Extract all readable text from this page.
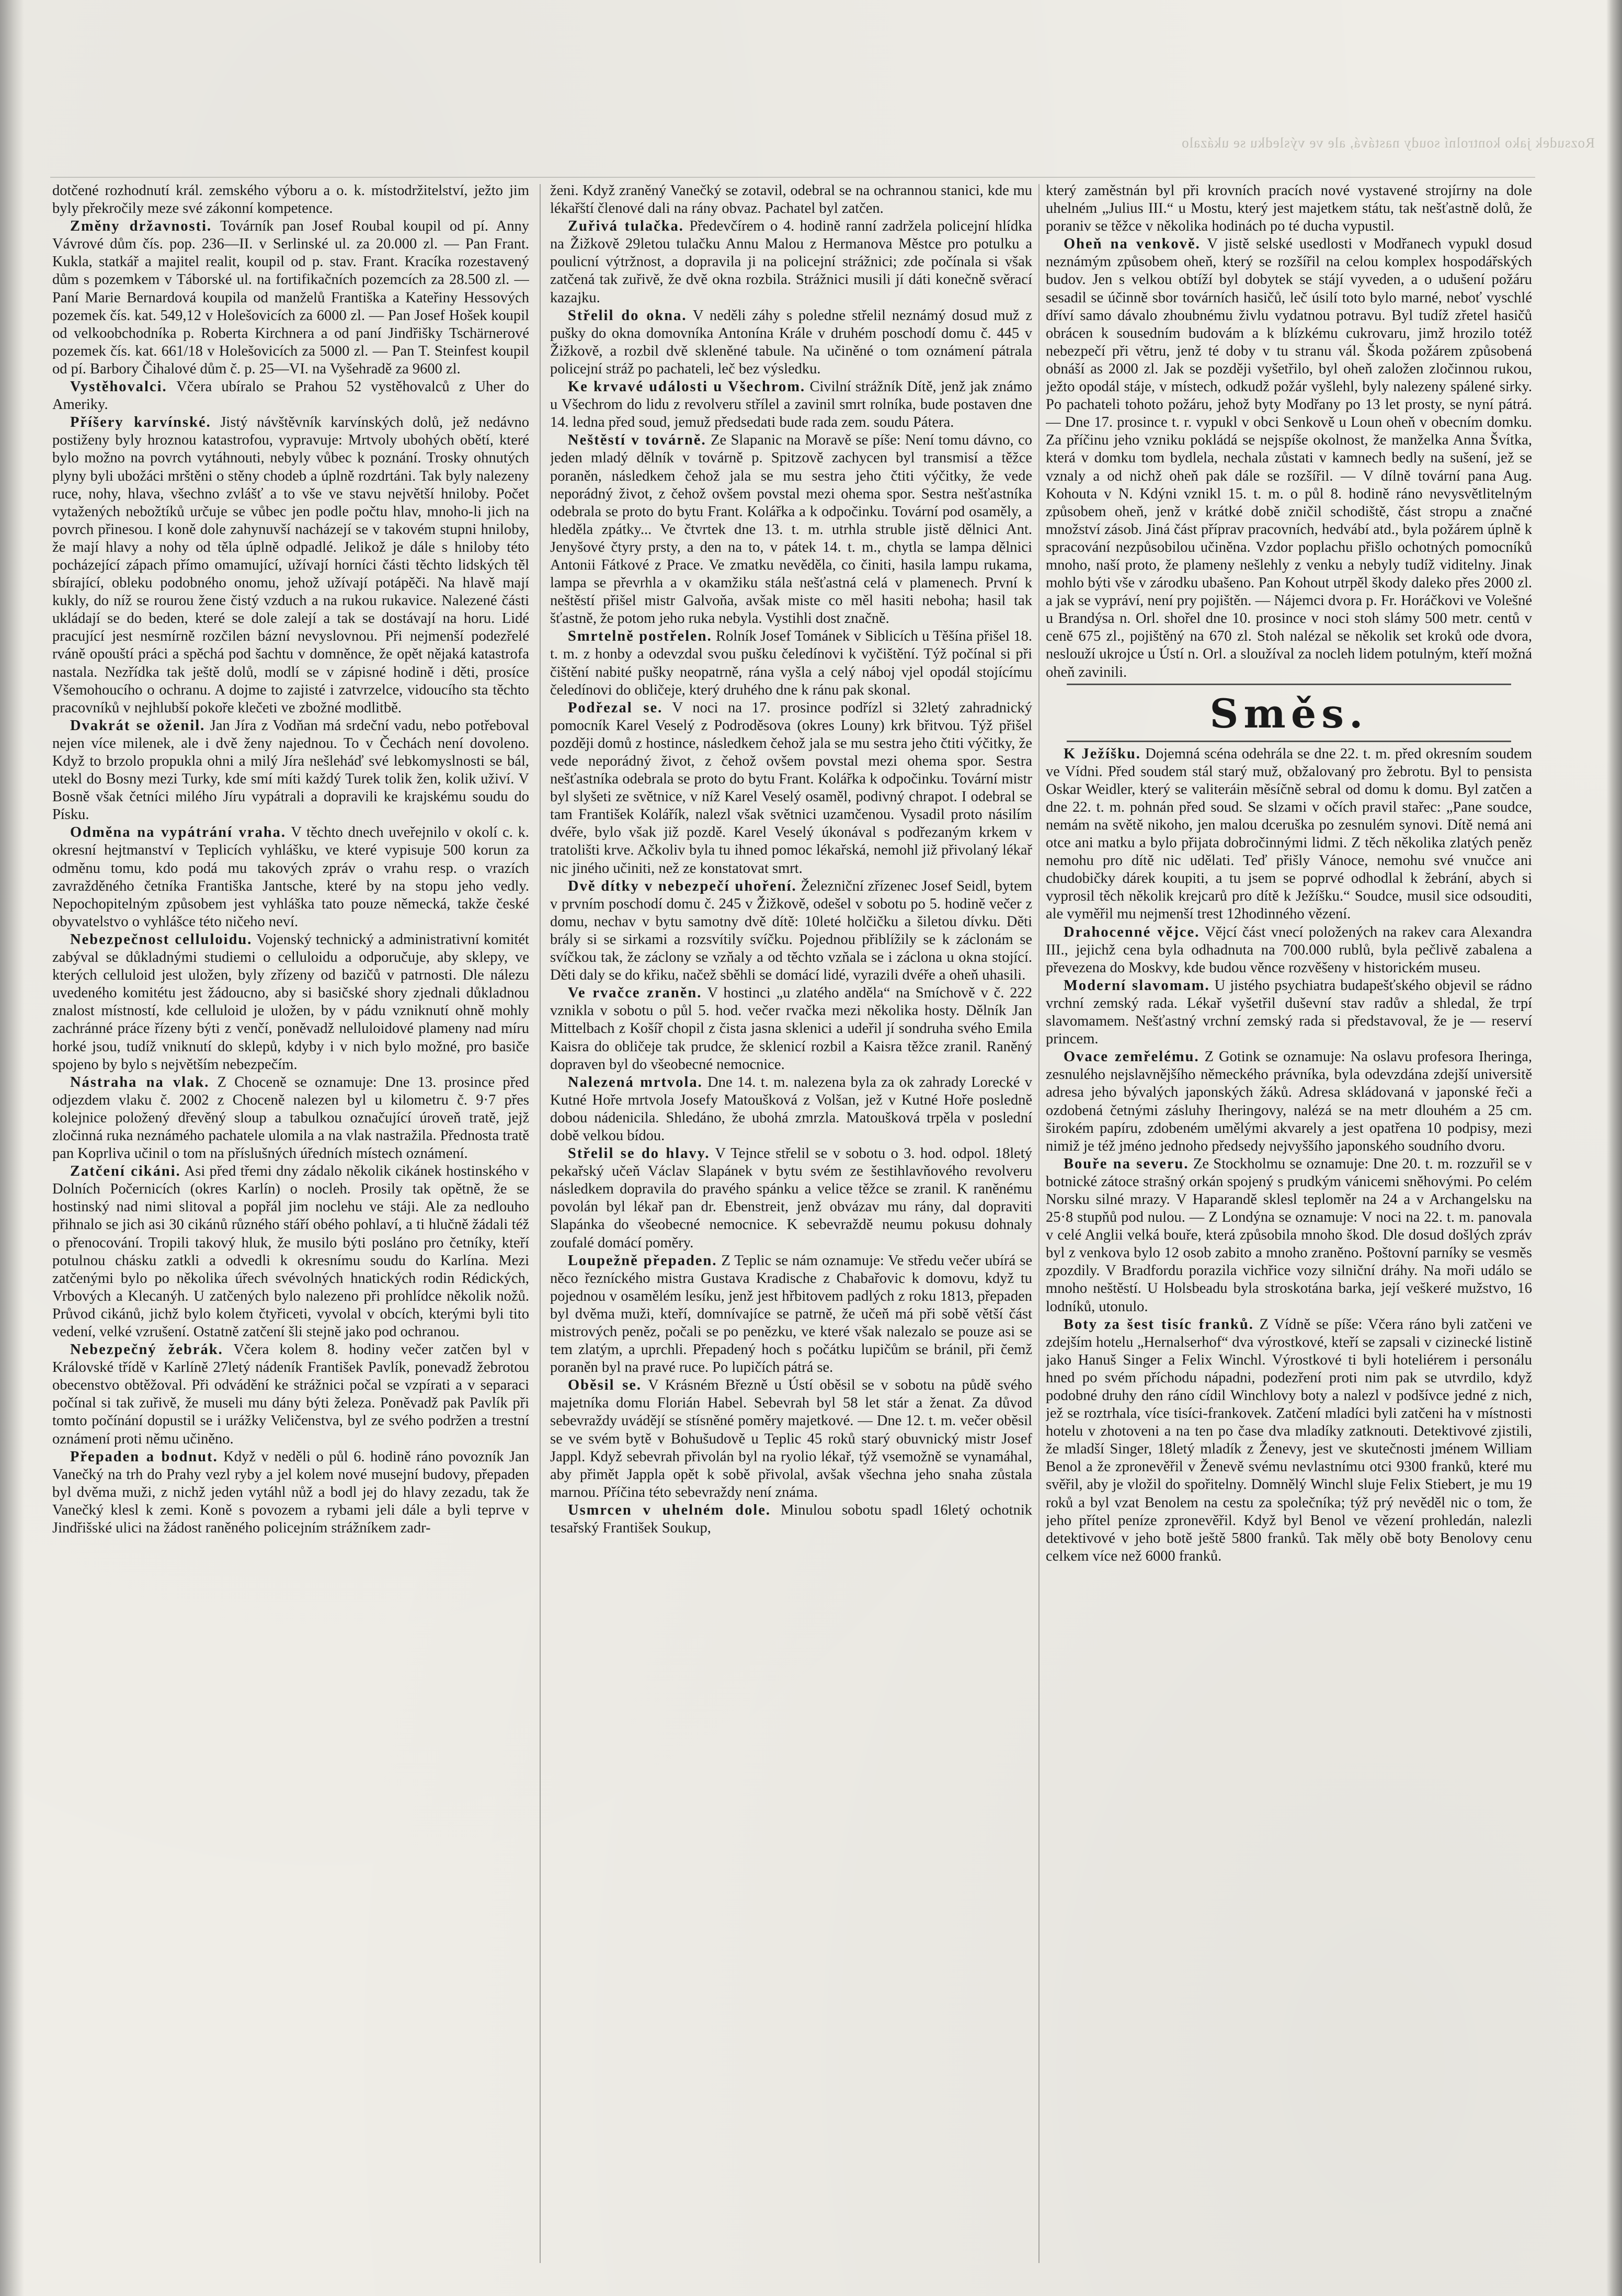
Rozsudek jako kontrolní soudy nastává, ale ve výsledku se ukázalo

dotčené rozhodnutí král. zemského výboru a o. k. místodržitelství, ježto jim byly překročily meze své zákonní kompetence.

Změny državnosti. Továrník pan Josef Roubal koupil od pí. Anny Vávrové dům čís. pop. 236—II. v Serlinské ul. za 20.000 zl. — Pan Frant. Kukla, statkář a majitel realit, koupil od p. stav. Frant. Kracíka rozestavený dům s pozemkem v Táborské ul. na fortifikačních pozemcích za 28.500 zl. — Paní Marie Bernardová koupila od manželů Františka a Kateřiny Hessových pozemek čís. kat. 549,12 v Holešovicích za 6000 zl. — Pan Josef Hošek koupil od velkoobchodníka p. Roberta Kirchnera a od paní Jindřišky Tschärnerové pozemek čís. kat. 661/18 v Holešovicích za 5000 zl. — Pan T. Steinfest koupil od pí. Barbory Čihalové dům č. p. 25—VI. na Vyšehradě za 9600 zl.

Vystěhovalci. Včera ubíralo se Prahou 52 vystěhovalců z Uher do Ameriky.

Příšery karvínské. Jistý návštěvník karvínských dolů, jež nedávno postiženy byly hroznou katastrofou, vypravuje: Mrtvoly ubohých obětí, které bylo možno na povrch vytáhnouti, nebyly vůbec k poznání. Trosky ohnutých plyny byli ubožáci mrštěni o stěny chodeb a úplně rozdrtáni. Tak byly nalezeny ruce, nohy, hlava, všechno zvlášť a to vše ve stavu největší hniloby. Počet vytažených nebožtíků určuje se vůbec jen podle počtu hlav, mnoho-li jich na povrch přinesou. I koně dole zahynuvší nacházejí se v takovém stupni hniloby, že mají hlavy a nohy od těla úplně odpadlé. Jelikož je dále s hniloby této pocházející zápach přímo omamující, užívají horníci části těchto lidských těl sbírající, obleku podobného onomu, jehož užívají potápěči. Na hlavě mají kukly, do níž se rourou žene čistý vzduch a na rukou rukavice. Nalezené části ukládají se do beden, které se dole zalejí a tak se dostávají na horu. Lidé pracující jest nesmírně rozčilen bázní nevyslovnou. Při nejmenší podezřelé rváně opouští práci a spěchá pod šachtu v domněnce, že opět nějaká katastrofa nastala. Nezřídka tak ještě dolů, modlí se v zápisné hodině i děti, prosíce Všemohoucího o ochranu. A dojme to zajisté i zatvrzelce, vidoucího sta těchto pracovníků v nejhlubší pokoře klečeti ve zbožné modlitbě.

Dvakrát se oženil. Jan Jíra z Vodňan má srdeční vadu, nebo potřeboval nejen více milenek, ale i dvě ženy najednou. To v Čechách není dovoleno. Když to brzolo propukla ohni a milý Jíra nešleháď své lebkomyslnosti se bál, utekl do Bosny mezi Turky, kde smí míti každý Turek tolik žen, kolik uživí. V Bosně však četníci milého Jíru vypátrali a dopravili ke krajskému soudu do Písku.

Odměna na vypátrání vraha. V těchto dnech uveřejnilo v okolí c. k. okresní hejtmanství v Teplicích vyhlášku, ve které vypisuje 500 korun za odměnu tomu, kdo podá mu takových zpráv o vrahu resp. o vrazích zavražděného četníka Františka Jantsche, které by na stopu jeho vedly. Nepochopitelným způsobem jest vyhláška tato pouze německá, takže české obyvatelstvo o vyhlášce této ničeho neví.

Nebezpečnost celluloidu. Vojenský technický a administrativní komitét zabýval se důkladnými studiemi o celluloidu a odporučuje, aby sklepy, ve kterých celluloid jest uložen, byly zřízeny od bazičů v patrnosti. Dle nálezu uvedeného komitétu jest žádoucno, aby si basičské shory zjednali důkladnou znalost místností, kde celluloid je uložen, by v pádu vzniknutí ohně mohly zachránné práce řízeny býti z venčí, poněvadž nelluloidové plameny nad míru horké jsou, tudíž vniknutí do sklepů, kdyby i v nich bylo možné, pro basiče spojeno by bylo s největším nebezpečím.

Nástraha na vlak. Z Choceně se oznamuje: Dne 13. prosince před odjezdem vlaku č. 2002 z Choceně nalezen byl u kilometru č. 9·7 přes kolejnice položený dřevěný sloup a tabulkou označující úroveň tratě, jejž zločinná ruka neznámého pachatele ulomila a na vlak nastražila. Přednosta tratě pan Koprliva učinil o tom na příslušných úředních místech oznámení.

Zatčení cikáni. Asi před třemi dny zádalo několik cikánek hostinského v Dolních Počernicích (okres Karlín) o nocleh. Prosily tak opětně, že se hostinský nad nimi slitoval a popřál jim noclehu ve stáji. Ale za nedlouho přihnalo se jich asi 30 cikánů různého stáří obého pohlaví, a ti hlučně žádali též o přenocování. Tropili takový hluk, že musilo býti posláno pro četníky, kteří potulnou chásku zatkli a odvedli k okresnímu soudu do Karlína. Mezi zatčenými bylo po několika úřech svévolných hnatických rodin Rédických, Vrbových a Klecanýh. U zatčených bylo nalezeno při prohlídce několik nožů. Průvod cikánů, jichž bylo kolem čtyřiceti, vyvolal v obcích, kterými byli tito vedení, velké vzrušení. Ostatně zatčení šli stejně jako pod ochranou.

Nebezpečný žebrák. Včera kolem 8. hodiny večer zatčen byl v Královské třídě v Karlíně 27letý nádeník František Pavlík, ponevadž žebrotou obecenstvo obtěžoval. Při odvádění ke strážnici počal se vzpírati a v separaci počínal si tak zuřivě, že museli mu dány býti železa. Poněvadž pak Pavlík při tomto počínání dopustil se i urážky Veličenstva, byl ze svého podržen a trestní oznámení proti němu učiněno.

Přepaden a bodnut. Když v neděli o půl 6. hodině ráno povozník Jan Vanečký na trh do Prahy vezl ryby a jel kolem nové musejní budovy, přepaden byl dvěma muži, z nichž jeden vytáhl nůž a bodl jej do hlavy zezadu, tak že Vanečký klesl k zemi. Koně s povozem a rybami jeli dále a byli teprve v Jindřišské ulici na žádost raněného policejním strážníkem zadr-

ženi. Když zraněný Vanečký se zotavil, odebral se na ochrannou stanici, kde mu lékařští členové dali na rány obvaz. Pachatel byl zatčen.

Zuřivá tulačka. Předevčírem o 4. hodině ranní zadržela policejní hlídka na Žižkově 29letou tulačku Annu Malou z Hermanova Městce pro potulku a poulicní výtržnost, a dopravila ji na policejní strážnici; zde počínala si však zatčená tak zuřivě, že dvě okna rozbila. Strážnici musili jí dáti konečně svěrací kazajku.

Střelil do okna. V neděli záhy s poledne střelil neznámý dosud muž z pušky do okna domovníka Antonína Krále v druhém poschodí domu č. 445 v Žižkově, a rozbil dvě skleněné tabule. Na učiněné o tom oznámení pátrala policejní stráž po pachateli, leč bez výsledku.

Ke krvavé události u Všechrom. Civilní strážník Dítě, jenž jak známo u Všechrom do lidu z revolveru střílel a zavinil smrt rolníka, bude postaven dne 14. ledna před soud, jemuž předsedati bude rada zem. soudu Pátera.

Neštěstí v továrně. Ze Slapanic na Moravě se píše: Není tomu dávno, co jeden mladý dělník v továrně p. Spitzově zachycen byl transmisí a těžce poraněn, následkem čehož jala se mu sestra jeho čtiti výčitky, že vede neporádný život, z čehož ovšem povstal mezi ohema spor. Sestra nešťastníka odebrala se proto do bytu Frant. Kolářka a k odpočinku. Tovární pod osaměly, a hleděla zpátky... Ve čtvrtek dne 13. t. m. utrhla struble jistě dělnici Ant. Jenyšové čtyry prsty, a den na to, v pátek 14. t. m., chytla se lampa dělnici Antonii Fátkové z Prace. Ve zmatku nevěděla, co činiti, hasila lampu rukama, lampa se převrhla a v okamžiku stála nešťastná celá v plamenech. První k neštěstí přišel mistr Galvoňa, avšak miste co měl hasiti neboha; hasil tak šťastně, že potom jeho ruka nebyla. Vystihli dost značně.

Smrtelně postřelen. Rolník Josef Tománek v Siblicích u Těšína přišel 18. t. m. z honby a odevzdal svou pušku čeledínovi k vyčištění. Týž počínal si při čištění nabité pušky neopatrně, rána vyšla a celý náboj vjel opodál stojícímu čeledínovi do obličeje, který druhého dne k ránu pak skonal.

Podřezal se. V noci na 17. prosince podřízl si 32letý zahradnický pomocník Karel Veselý z Podroděsova (okres Louny) krk břitvou. Týž přišel později domů z hostince, následkem čehož jala se mu sestra jeho čtiti výčitky, že vede neporádný život, z čehož ovšem povstal mezi ohema spor. Sestra nešťastníka odebrala se proto do bytu Frant. Kolářka k odpočinku. Tovární mistr byl slyšeti ze světnice, v níž Karel Veselý osaměl, podivný chrapot. I odebral se tam František Kolářík, nalezl však světnici uzamčenou. Vysadil proto násilím dvéře, bylo však již pozdě. Karel Veselý úkonával s podřezaným krkem v tratolišti krve. Ačkoliv byla tu ihned pomoc lékařská, nemohl již přivolaný lékař nic jiného učiniti, než ze konstatovat smrt.

Dvě dítky v nebezpečí uhoření. Železniční zřízenec Josef Seidl, bytem v prvním poschodí domu č. 245 v Žižkově, odešel v sobotu po 5. hodině večer z domu, nechav v bytu samotny dvě dítě: 10leté holčičku a šiletou dívku. Děti brály si se sirkami a rozsvítily svíčku. Pojednou přiblížily se k záclonám se svíčkou tak, že záclony se vzňaly a od těchto vzňala se i záclona u okna stojící. Děti daly se do křiku, načež sběhli se domácí lidé, vyrazili dvéře a oheň uhasili.

Ve rvačce zraněn. V hostinci „u zlatého anděla“ na Smíchově v č. 222 vznikla v sobotu o půl 5. hod. večer rvačka mezi několika hosty. Dělník Jan Mittelbach z Košíř chopil z čista jasna sklenici a udeřil jí sondruha svého Emila Kaisra do obličeje tak prudce, že sklenicí rozbil a Kaisra těžce zranil. Raněný dopraven byl do všeobecné nemocnice.

Nalezená mrtvola. Dne 14. t. m. nalezena byla za ok zahrady Lorecké v Kutné Hoře mrtvola Josefy Matoušková z Volšan, jež v Kutné Hoře posledně dobou nádenicila. Shledáno, že ubohá zmrzla. Matoušková trpěla v poslední době velkou bídou.

Střelil se do hlavy. V Tejnce střelil se v sobotu o 3. hod. odpol. 18letý pekařský učeň Václav Slapánek v bytu svém ze šestihlavňového revolveru následkem dopravila do pravého spánku a velice těžce se zranil. K raněnému povolán byl lékař pan dr. Ebenstreit, jenž obvázav mu rány, dal dopraviti Slapánka do všeobecné nemocnice. K sebevraždě neumu pokusu dohnaly zoufalé domácí poměry.

Loupežně přepaden. Z Teplic se nám oznamuje: Ve středu večer ubírá se něco řezníckého mistra Gustava Kradische z Chabařovic k domovu, když tu pojednou v osamělém lesíku, jenž jest hřbitovem padlých z roku 1813, přepaden byl dvěma muži, kteří, domnívajíce se patrně, že učeň má při sobě větší část mistrových peněz, počali se po penězku, ve které však nalezalo se pouze asi se tem zlatým, a uprchli. Přepadený hoch s počátku lupičům se bránil, při čemž poraněn byl na pravé ruce. Po lupičích pátrá se.

Oběsil se. V Krásném Březně u Ústí oběsil se v sobotu na půdě svého majetníka domu Florián Habel. Sebevrah byl 58 let stár a ženat. Za důvod sebevraždy uvádějí se stísněné poměry majetkové. — Dne 12. t. m. večer oběsil se ve svém bytě v Bohušudově u Teplic 45 roků starý obuvnický mistr Josef Jappl. Když sebevrah přivolán byl na ryolio lékař, týž vsemožně se vynamáhal, aby přimět Jappla opět k sobě přivolal, avšak všechna jeho snaha zůstala marnou. Příčina této sebevraždy není známa.

Usmrcen v uhelném dole. Minulou sobotu spadl 16letý ochotnik tesařský František Soukup,

který zaměstnán byl při krovních pracích nové vystavené strojírny na dole uhelném „Julius III.“ u Mostu, který jest majetkem státu, tak nešťastně dolů, že poraniv se těžce v několika hodinách po té ducha vypustil.

Oheň na venkově. V jistě selské usedlosti v Modřanech vypukl dosud neznámým způsobem oheň, který se rozšířil na celou komplex hospodářských budov. Jen s velkou obtíží byl dobytek se stájí vyveden, a o udušení požáru sesadil se účinně sbor továrních hasičů, leč úsilí toto bylo marné, neboť vyschlé dříví samo dávalo zhoubnému živlu vydatnou potravu. Byl tudíž zřetel hasičů obrácen k sousedním budovám a k blízkému cukrovaru, jimž hrozilo totéž nebezpečí při větru, jenž té doby v tu stranu vál. Škoda požárem způsobená obnáší as 2000 zl. Jak se později vyšetřilo, byl oheň založen zločinnou rukou, ježto opodál stáje, v místech, odkudž požár vyšlehl, byly nalezeny spálené sirky. Po pachateli tohoto požáru, jehož byty Modřany po 13 let prosty, se nyní pátrá. — Dne 17. prosince t. r. vypukl v obci Senkově u Loun oheň v obecním domku. Za příčinu jeho vzniku pokládá se nejspíše okolnost, že manželka Anna Švítka, která v domku tom bydlela, nechala zůstati v kamnech bedly na sušení, jež se vznaly a od nichž oheň pak dále se rozšířil. — V dílně tovární pana Aug. Kohouta v N. Kdýni vznikl 15. t. m. o půl 8. hodině ráno nevysvětlitelným způsobem oheň, jenž v krátké době zničil schodiště, část stropu a značné množství zásob. Jiná část příprav pracovních, hedvábí atd., byla požárem úplně k spracování nezpůsobilou učiněna. Vzdor poplachu přišlo ochotných pomocníků mnoho, naší proto, že plameny nešlehly z venku a nebyly tudíž viditelny. Jinak mohlo býti vše v zárodku ubašeno. Pan Kohout utrpěl škody daleko přes 2000 zl. a jak se vypráví, není pry pojištěn. — Nájemci dvora p. Fr. Horáčkovi ve Volešné u Brandýsa n. Orl. shořel dne 10. prosince v noci stoh slámy 500 metr. centů v ceně 675 zl., pojištěný na 670 zl. Stoh nalézal se několik set kroků ode dvora, neslouží ukrojce u Ústí n. Orl. a sloužíval za nocleh lidem potulným, kteří možná oheň zavinili.

Směs.

K Ježíšku. Dojemná scéna odehrála se dne 22. t. m. před okresním soudem ve Vídni. Před soudem stál starý muž, obžalovaný pro žebrotu. Byl to pensista Oskar Weidler, který se valiteráin měsíčně sebral od domu k domu. Byl zatčen a dne 22. t. m. pohnán před soud. Se slzami v očích pravil stařec: „Pane soudce, nemám na světě nikoho, jen malou dceruška po zesnulém synovi. Dítě nemá ani otce ani matku a bylo přijata dobročinnými lidmi. Z těch několika zlatých peněz nemohu pro dítě nic udělati. Teď přišly Vánoce, nemohu své vnučce ani chudobičky dárek koupiti, a tu jsem se poprvé odhodlal k žebrání, abych si vyprosil těch několik krejcarů pro dítě k Ježíšku.“ Soudce, musil sice odsouditi, ale vyměřil mu nejmenší trest 12hodinného vězení.

Drahocenné vějce. Vějcí část vnecí položených na rakev cara Alexandra III., jejichž cena byla odhadnuta na 700.000 rublů, byla pečlivě zabalena a převezena do Moskvy, kde budou věnce rozvěšeny v historickém museu.

Moderní slavomam. U jistého psychiatra budapešťského objevil se rádno vrchní zemský rada. Lékař vyšetřil duševní stav radův a shledal, že trpí slavomamem. Nešťastný vrchní zemský rada si představoval, že je — reserví princem.

Ovace zemřelému. Z Gotink se oznamuje: Na oslavu profesora Iheringa, zesnulého nejslavnějšího německého právníka, byla odevzdána zdejší universitě adresa jeho bývalých japonských žáků. Adresa skládovaná v japonské řeči a ozdobená četnými zásluhy Iheringovy, nalézá se na metr dlouhém a 25 cm. širokém papíru, zdobeném umělými akvarely a jest opatřena 10 podpisy, mezi nimiž je též jméno jednoho předsedy nejvyššího japonského soudního dvoru.

Bouře na severu. Ze Stockholmu se oznamuje: Dne 20. t. m. rozzuřil se v botnické zátoce strašný orkán spojený s prudkým vánicemi sněhovými. Po celém Norsku silné mrazy. V Haparandě sklesl teploměr na 24 a v Archangelsku na 25·8 stupňů pod nulou. — Z Londýna se oznamuje: V noci na 22. t. m. panovala v celé Anglii velká bouře, která způsobila mnoho škod. Dle dosud došlých zpráv byl z venkova bylo 12 osob zabito a mnoho zraněno. Poštovní parníky se vesměs zpozdily. V Bradfordu porazila vichřice vozy silniční dráhy. Na moři událo se mnoho neštěstí. U Holsbeadu byla stroskotána barka, její veškeré mužstvo, 16 lodníků, utonulo.

Boty za šest tisíc franků. Z Vídně se píše: Včera ráno byli zatčeni ve zdejším hotelu „Hernalserhof“ dva výrostkové, kteří se zapsali v cizinecké listině jako Hanuš Singer a Felix Winchl. Výrostkové ti byli hoteliérem i personálu hned po svém příchodu nápadni, podezření proti nim pak se utvrdilo, když podobné druhy den ráno cídil Winchlovy boty a nalezl v podšívce jedné z nich, jež se roztrhala, více tisíci-frankovek. Zatčení mladíci byli zatčeni ha v místnosti hotelu v zhotoveni a na ten po čase dva mladíky zatknouti. Detektivové zjistili, že mladší Singer, 18letý mladík z Ženevy, jest ve skutečnosti jménem William Benol a že zpronevěřil v Ženevě svému nevlastnímu otci 9300 franků, které mu svěřil, aby je vložil do spořitelny. Domnělý Winchl sluje Felix Stiebert, je mu 19 roků a byl vzat Benolem na cestu za společníka; týž prý nevěděl nic o tom, že jeho přítel peníze zpronevěřil. Když byl Benol ve vězení prohledán, nalezli detektivové v jeho botě ještě 5800 franků. Tak měly obě boty Benolovy cenu celkem více než 6000 franků.
